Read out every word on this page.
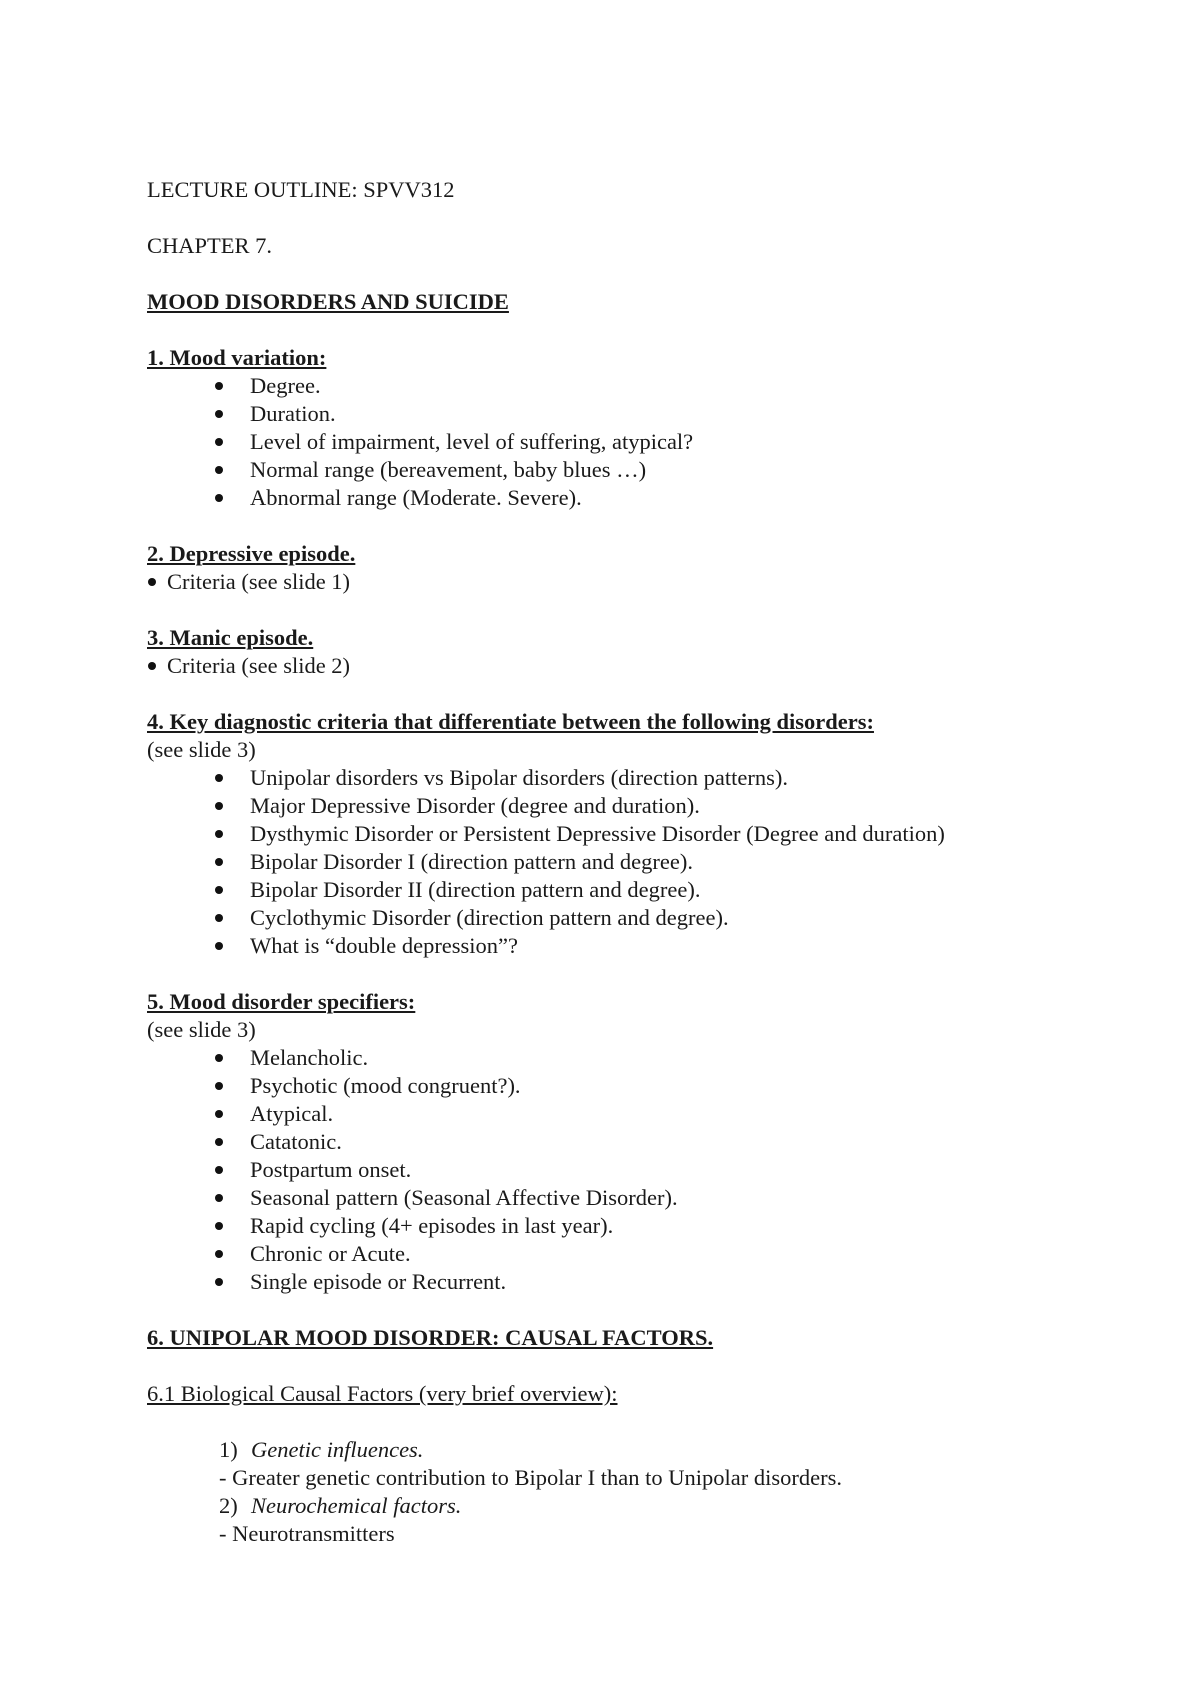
LECTURE OUTLINE: SPVV312
CHAPTER 7.
MOOD DISORDERS AND SUICIDE
1. Mood variation:
Degree.
Duration.
Level of impairment, level of suffering, atypical?
Normal range (bereavement, baby blues …)
Abnormal range (Moderate. Severe).
2. Depressive episode.
Criteria (see slide 1)
3. Manic episode.
Criteria (see slide 2)
4. Key diagnostic criteria that differentiate between the following disorders:
(see slide 3)
Unipolar disorders vs Bipolar disorders (direction patterns).
Major Depressive Disorder (degree and duration).
Dysthymic Disorder or Persistent Depressive Disorder (Degree and duration)
Bipolar Disorder I (direction pattern and degree).
Bipolar Disorder II (direction pattern and degree).
Cyclothymic Disorder (direction pattern and degree).
What is “double depression”?
5. Mood disorder specifiers:
(see slide 3)
Melancholic.
Psychotic (mood congruent?).
Atypical.
Catatonic.
Postpartum onset.
Seasonal pattern (Seasonal Affective Disorder).
Rapid cycling (4+ episodes in last year).
Chronic or Acute.
Single episode or Recurrent.
6. UNIPOLAR MOOD DISORDER: CAUSAL FACTORS.
6.1 Biological Causal Factors (very brief overview):
1) Genetic influences.
- Greater genetic contribution to Bipolar I than to Unipolar disorders.
2) Neurochemical factors.
- Neurotransmitters
